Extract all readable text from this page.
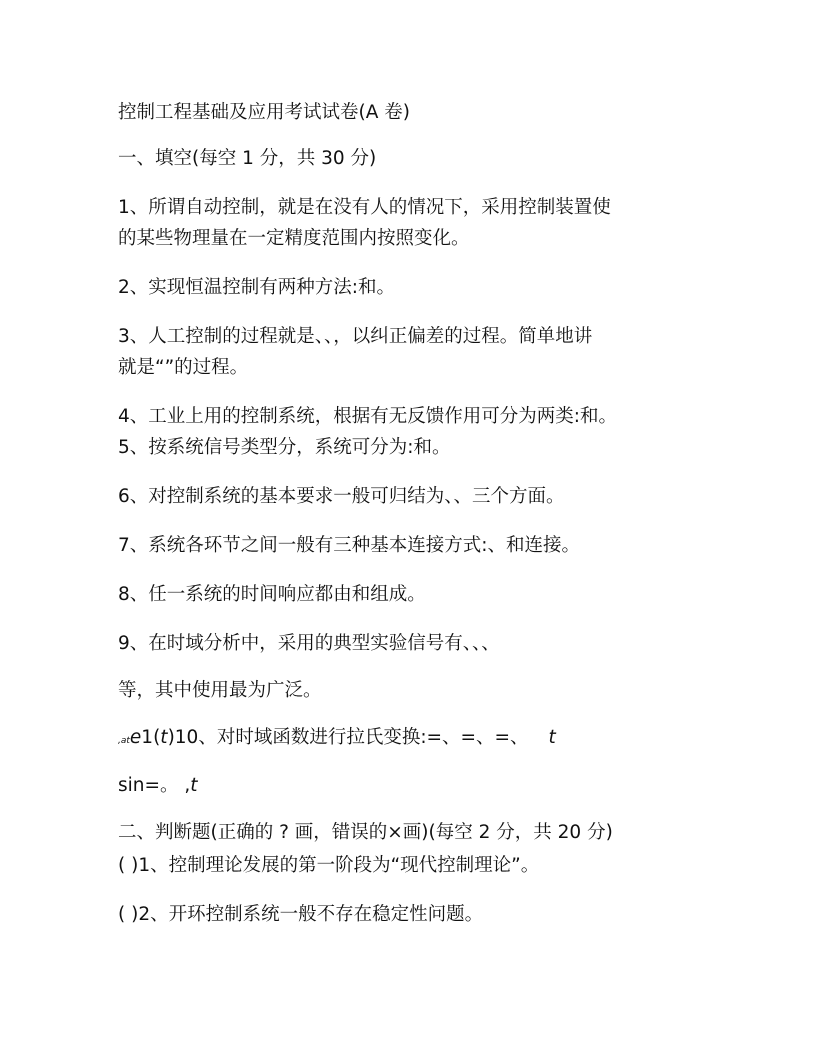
控制工程基础及应用考试试卷(A 卷)
一、填空(每空 1 分，共 30 分)
1、所谓自动控制，就是在没有人的情况下，采用控制装置使
的某些物理量在一定精度范围内按照变化。
2、实现恒温控制有两种方法:和。
3、人工控制的过程就是、、，以纠正偏差的过程。简单地讲
就是“”的过程。
4、工业上用的控制系统，根据有无反馈作用可分为两类:和。
5、按系统信号类型分，系统可分为:和。
6、对控制系统的基本要求一般可归结为、、三个方面。
7、系统各环节之间一般有三种基本连接方式:、和连接。
8、任一系统的时间响应都由和组成。
9、在时域分析中，采用的典型实验信号有、、、
等，其中使用最为广泛。
,ate1(t)10、对时域函数进行拉氏变换:=、=、=、 t
sin=。 ,t
二、判断题(正确的 ? 画，错误的×画)(每空 2 分，共 20 分)
( )1、控制理论发展的第一阶段为“现代控制理论”。
( )2、开环控制系统一般不存在稳定性问题。
